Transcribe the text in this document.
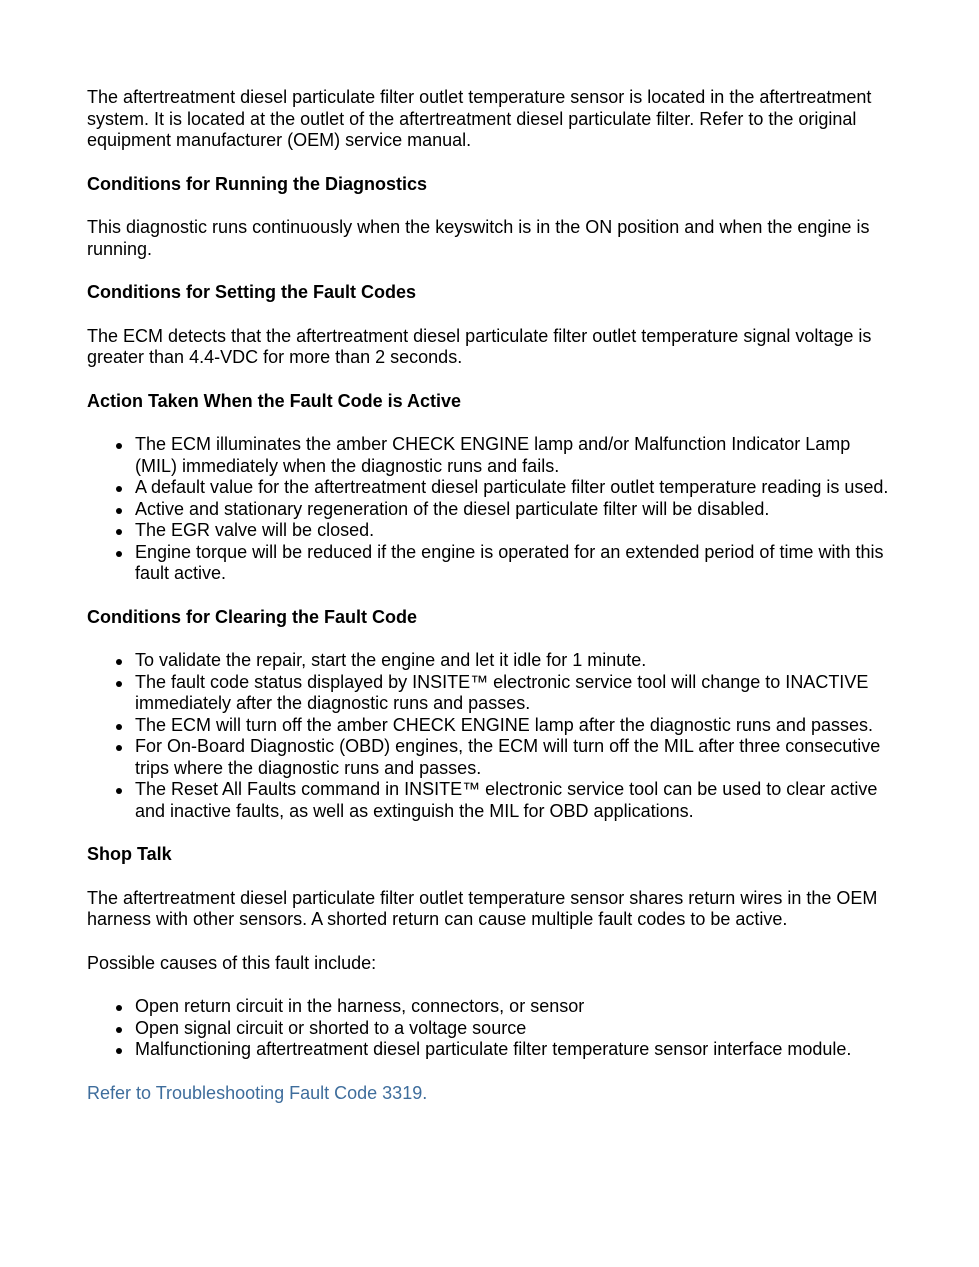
The aftertreatment diesel particulate filter outlet temperature sensor is located in the aftertreatment system. It is located at the outlet of the aftertreatment diesel particulate filter. Refer to the original equipment manufacturer (OEM) service manual.

Conditions for Running the Diagnostics

This diagnostic runs continuously when the keyswitch is in the ON position and when the engine is running.

Conditions for Setting the Fault Codes

The ECM detects that the aftertreatment diesel particulate filter outlet temperature signal voltage is greater than 4.4-VDC for more than 2 seconds.

Action Taken When the Fault Code is Active
The ECM illuminates the amber CHECK ENGINE lamp and/or Malfunction Indicator Lamp (MIL) immediately when the diagnostic runs and fails.
A default value for the aftertreatment diesel particulate filter outlet temperature reading is used.
Active and stationary regeneration of the diesel particulate filter will be disabled.
The EGR valve will be closed.
Engine torque will be reduced if the engine is operated for an extended period of time with this fault active.
Conditions for Clearing the Fault Code
To validate the repair, start the engine and let it idle for 1 minute.
The fault code status displayed by INSITE™ electronic service tool will change to INACTIVE immediately after the diagnostic runs and passes.
The ECM will turn off the amber CHECK ENGINE lamp after the diagnostic runs and passes.
For On-Board Diagnostic (OBD) engines, the ECM will turn off the MIL after three consecutive trips where the diagnostic runs and passes.
The Reset All Faults command in INSITE™ electronic service tool can be used to clear active and inactive faults, as well as extinguish the MIL for OBD applications.
Shop Talk

The aftertreatment diesel particulate filter outlet temperature sensor shares return wires in the OEM harness with other sensors. A shorted return can cause multiple fault codes to be active.

Possible causes of this fault include:

Open return circuit in the harness, connectors, or sensor
Open signal circuit or shorted to a voltage source
Malfunctioning aftertreatment diesel particulate filter temperature sensor interface module.

Refer to Troubleshooting Fault Code 3319.
